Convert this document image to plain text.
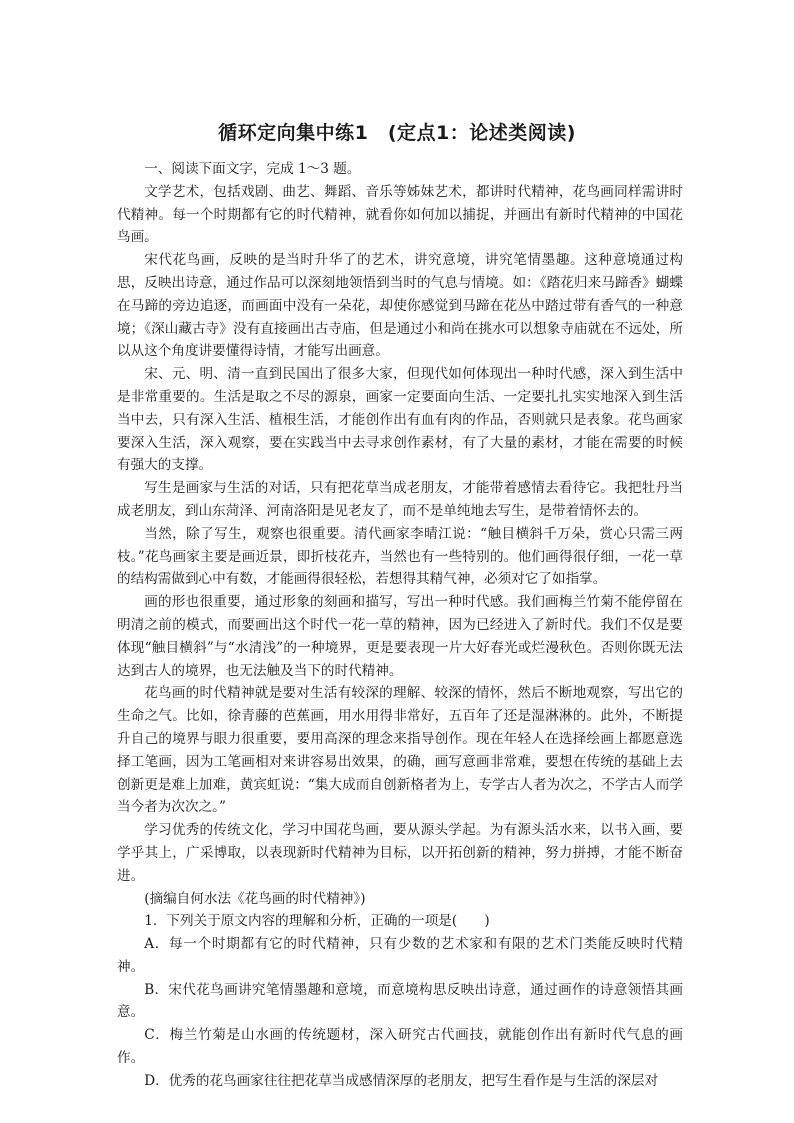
循环定向集中练1　(定点1：论述类阅读)

一、阅读下面文字，完成 1～3 题。

文学艺术，包括戏剧、曲艺、舞蹈、音乐等姊妹艺术，都讲时代精神，花鸟画同样需讲时代精神。每一个时期都有它的时代精神，就看你如何加以捕捉，并画出有新时代精神的中国花鸟画。

宋代花鸟画，反映的是当时升华了的艺术，讲究意境，讲究笔情墨趣。这种意境通过构思，反映出诗意，通过作品可以深刻地领悟到当时的气息与情境。如：《踏花归来马蹄香》蝴蝶在马蹄的旁边追逐，而画面中没有一朵花，却使你感觉到马蹄在花丛中踏过带有香气的一种意境；《深山藏古寺》没有直接画出古寺庙，但是通过小和尚在挑水可以想象寺庙就在不远处，所以从这个角度讲要懂得诗情，才能写出画意。

宋、元、明、清一直到民国出了很多大家，但现代如何体现出一种时代感，深入到生活中是非常重要的。生活是取之不尽的源泉，画家一定要面向生活、一定要扎扎实实地深入到生活当中去，只有深入生活、植根生活，才能创作出有血有肉的作品，否则就只是表象。花鸟画家要深入生活，深入观察，要在实践当中去寻求创作素材，有了大量的素材，才能在需要的时候有强大的支撑。

写生是画家与生活的对话，只有把花草当成老朋友，才能带着感情去看待它。我把牡丹当成老朋友，到山东菏泽、河南洛阳是见老友了，而不是单纯地去写生，是带着情怀去的。

当然，除了写生，观察也很重要。清代画家李晴江说：“触目横斜千万朵，赏心只需三两枝。”花鸟画家主要是画近景，即折枝花卉，当然也有一些特别的。他们画得很仔细，一花一草的结构需做到心中有数，才能画得很轻松，若想得其精气神，必须对它了如指掌。

画的形也很重要，通过形象的刻画和描写，写出一种时代感。我们画梅兰竹菊不能停留在明清之前的模式，而要画出这个时代一花一草的精神，因为已经进入了新时代。我们不仅是要体现“触目横斜”与“水清浅”的一种境界，更是要表现一片大好春光或烂漫秋色。否则你既无法达到古人的境界，也无法触及当下的时代精神。

花鸟画的时代精神就是要对生活有较深的理解、较深的情怀，然后不断地观察，写出它的生命之气。比如，徐青藤的芭蕉画，用水用得非常好，五百年了还是湿淋淋的。此外，不断提升自己的境界与眼力很重要，要用高深的理念来指导创作。现在年轻人在选择绘画上都愿意选择工笔画，因为工笔画相对来讲容易出效果，的确，画写意画非常难，要想在传统的基础上去创新更是难上加难，黄宾虹说：“集大成而自创新格者为上，专学古人者为次之，不学古人而学当今者为次次之。”

学习优秀的传统文化，学习中国花鸟画，要从源头学起。为有源头活水来，以书入画，要学乎其上，广采博取，以表现新时代精神为目标，以开拓创新的精神，努力拼搏，才能不断奋进。

(摘编自何水法《花鸟画的时代精神》)

1．下列关于原文内容的理解和分析，正确的一项是(　　)

A．每一个时期都有它的时代精神，只有少数的艺术家和有限的艺术门类能反映时代精神。

B．宋代花鸟画讲究笔情墨趣和意境，而意境构思反映出诗意，通过画作的诗意领悟其画意。

C．梅兰竹菊是山水画的传统题材，深入研究古代画技，就能创作出有新时代气息的画作。

D．优秀的花鸟画家往往把花草当成感情深厚的老朋友，把写生看作是与生活的深层对
